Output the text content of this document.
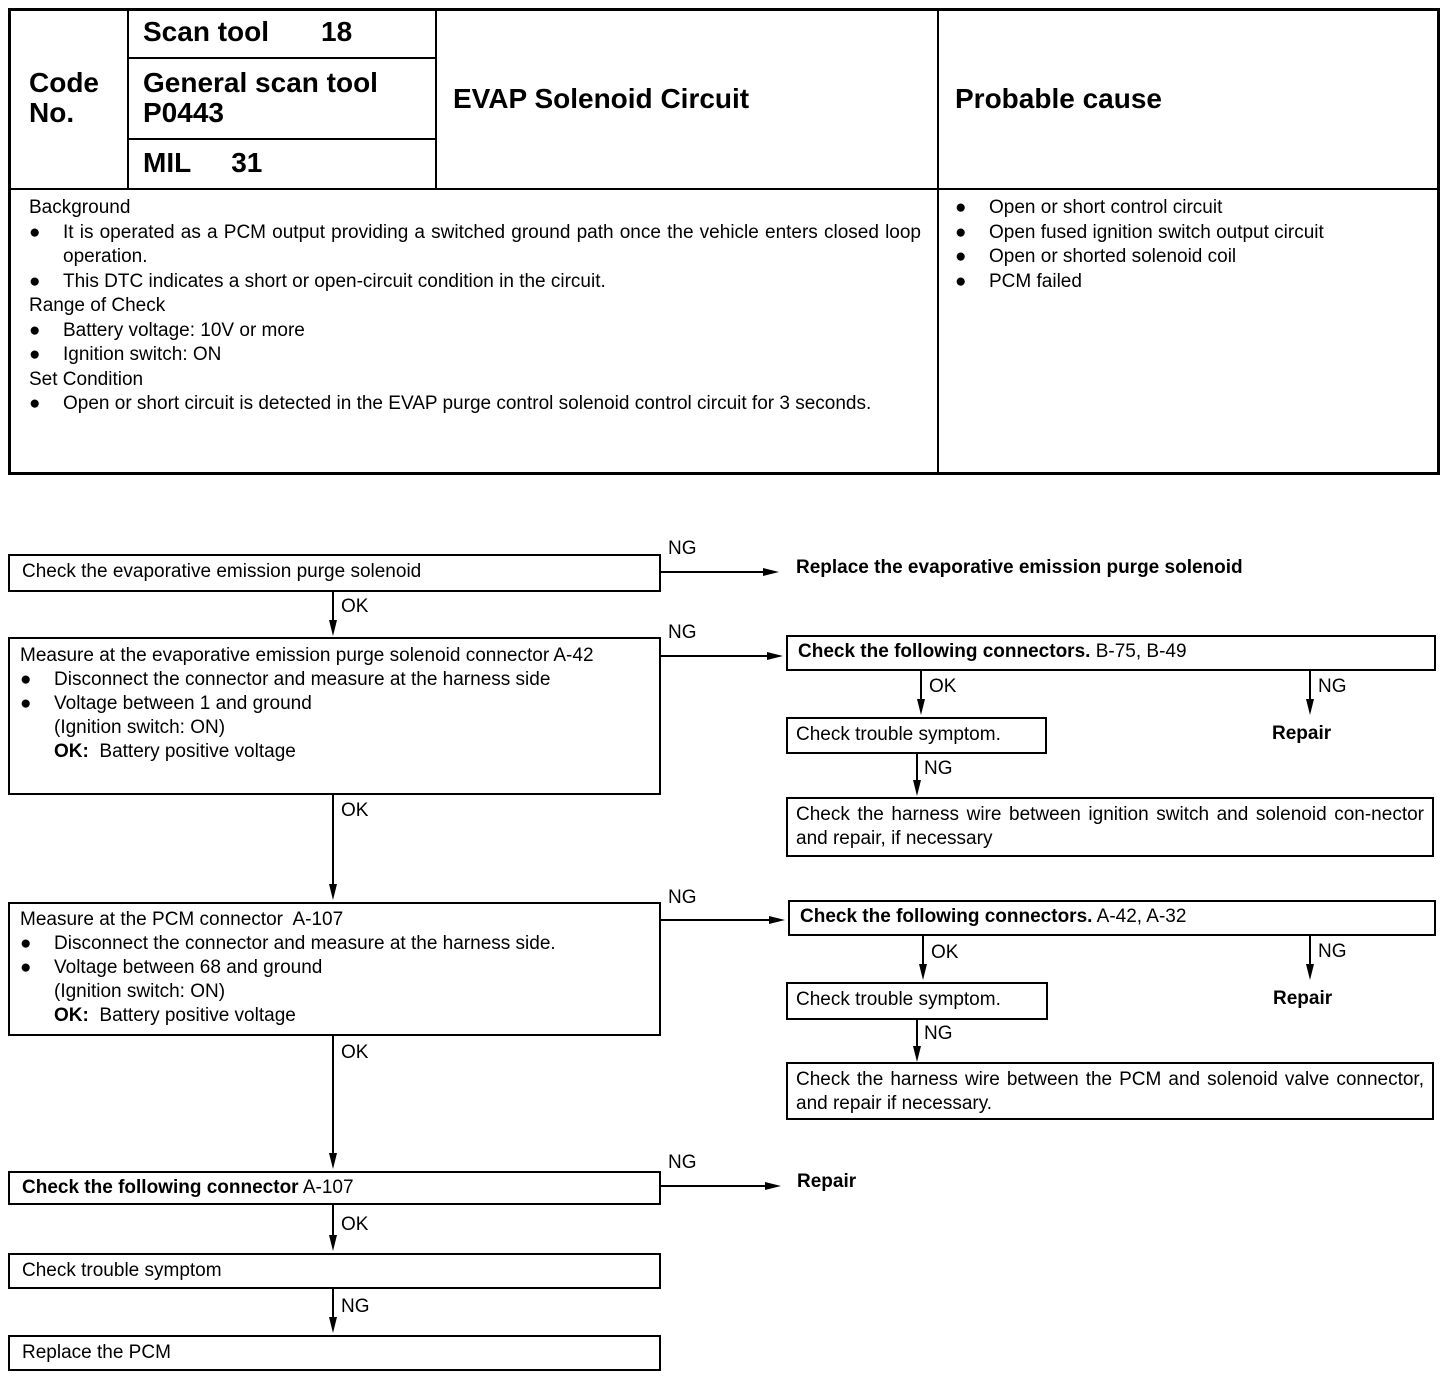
Code No.
Scan tool 18
General scan tool
P0443
MIL 31
EVAP Solenoid Circuit	Probable cause
Background
● It is operated as a PCM output providing a switched ground path once the vehicle enters closed loop operation.
● This DTC indicates a short or open-circuit condition in the circuit.
Range of Check
● Battery voltage: 10V or more
● Ignition switch: ON
Set Condition
● Open or short circuit is detected in the EVAP purge control solenoid control circuit for 3 seconds.
● Open or short control circuit
● Open fused ignition switch output circuit
● Open or shorted solenoid coil
● PCM failed
Check the evaporative emission purge solenoid
NG
Replace the evaporative emission purge solenoid
OK
Measure at the evaporative emission purge solenoid connector A-42
● Disconnect the connector and measure at the harness side
● Voltage between 1 and ground
(Ignition switch: ON)
OK: Battery positive voltage
NG
Check the following connectors. B-75, B-49
OK	NG
Repair
Check trouble symptom.
NG
Check the harness wire between ignition switch and solenoid con-nector and repair, if necessary
OK
Measure at the PCM connector  A-107
● Disconnect the connector and measure at the harness side.
● Voltage between 68 and ground
(Ignition switch: ON)
OK: Battery positive voltage
NG
Check the following connectors. A-42, A-32
OK	NG
Repair
Check trouble symptom.
NG
Check the harness wire between the PCM and solenoid valve connector, and repair if necessary.
OK
Check the following connector A-107
NG
Repair
OK
Check trouble symptom
NG
Replace the PCM
